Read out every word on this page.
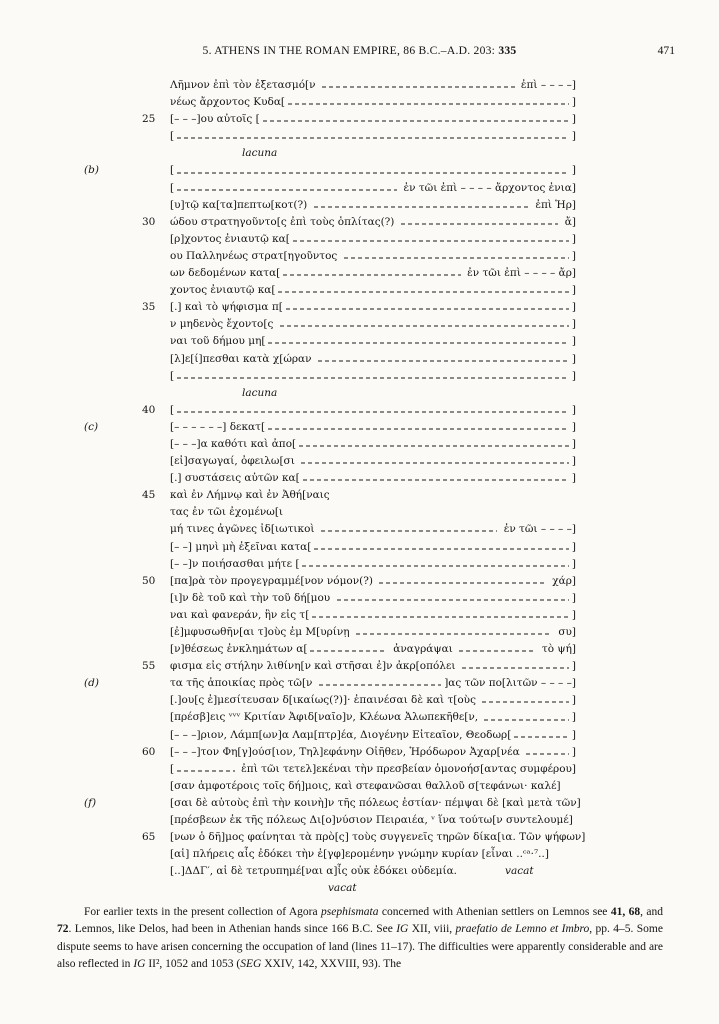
5. ATHENS IN THE ROMAN EMPIRE, 86 B.C.–A.D. 203: 335	471
Λῆμνον ἐπὶ τὸν ἐξετασμό[ν	ἐπὶ – – – –]
νέως ἄρχοντος Κυδα[	]
25	[– – –]ου αὐτοῖς [	]
[	]
lacuna
(b)	[	]
[	ἐν τῶι ἐπὶ – – – – ἄρχοντος ἐνια]
[υ]τῷ κα[τα]πεπτω[κοτ(?)	ἐπὶ Ἡρ]
30	ώδου στρατηγοῦντο[ς ἐπὶ τοὺς ὁπλίτας(?)	ἄ]
[ρ]χοντος ἐνιαυτῷ κα[	]
ου Παλληνέως στρατ[ηγοῦντος	]
ων δεδομένων κατα[	ἐν τῶι ἐπὶ – – – – ἄρ]
χοντος ἐνιαυτῷ κα[	]
35	[.] καὶ τὸ ψήφισμα π[	]
ν μηδενὸς ἔχοντο[ς	]
ναι τοῦ δήμου μη[	]
[λ]ε[ί]πεσθαι κατὰ χ[ώραν	]
[	]
lacuna
40	[	]
(c)	[– – – – – –] δεκατ[	]
[– – –]α καθότι καὶ ἀπο[	]
[εἰ]σαγωγαί, ὀφειλω[σι	]
[.] συστάσεις αὐτῶν κα[	]
45	καὶ ἐν Λήμνῳ καὶ ἐν Ἀθή[ναις
τας ἐν τῶι ἐχομένω[ι
μή τινες ἀγῶνες ἰδ[ιωτικοὶ	ἐν τῶι – – – –]
[– –] μηνὶ μὴ ἐξεῖναι κατα[	]
[– –]ν ποιήσασθαι μήτε [	]
50	[πα]ρὰ τὸν προγεγραμμέ[νον νόμον(?)	χάρ]
[ι]ν δὲ τοῦ καὶ τὴν τοῦ δή[μου	]
ναι καὶ φανεράν, ἣν εἰς τ[	]
[ἐ]μφυσωθῆν[αι τ]οὺς ἐμ Μ[υρίνῃ	συ]
[ν]θέσεως ἐνκλημάτων α[	ἀναγράψαι	τὸ ψή]
55	φισμα εἰς στήλην λιθίνη[ν καὶ στῆσαι ἐ]ν ἀκρ[οπόλει	]
(d)	τα τῆς ἀποικίας πρὸς τῶ[ν	]ας τῶν πο[λιτῶν – – – –]
[.]ου[ς ἐ]μεσίτευσαν δ[ικαίως(?)]· ἐπαινέσαι δὲ καὶ τ[οὺς	]
[πρέσβ]εις ᵛᵛᵛ Κριτίαν Ἀφιδ[ναῖο]ν, Κλέωνα Ἀλωπεκῆθε[ν,	]
[– – –]ριον, Λάμπ[ων]α Λαμ[πτρ]έα, Διογένην Εἰτεαῖον, Θεοδωρ[	]
60	[– – –]τον Φη[γ]ούσ[ιον, Τηλ]εφάνην Οἰῆθεν, Ἡρόδωρον Ἀχαρ[νέα	]
[	ἐπὶ τῶι τετελ]εκέναι τὴν πρεσβείαν ὁμονοήσ[αντας συμφέρου]
[σαν ἀμφοτέροις τοῖς δή]μοις, καὶ στεφανῶσαι θαλλοῦ σ[τεφάνωι· καλέ]
(f)	[σαι δὲ αὐτοὺς ἐπὶ τὴν κοινὴ]ν τῆς πόλεως ἑστίαν· πέμψαι δὲ [καὶ μετὰ τῶν]
[πρέσβεων ἐκ τῆς πόλεως Δι[ο]νύσιον Πειραιέα, ᵛ ἵνα τούτω[ν συντελουμέ]
65	[νων ὁ δῆ]μος φαίνηται τὰ πρὸ[ς] τοὺς συγγενεῖς τηρῶν δίκα[ια. Τῶν ψήφων]
[αἱ] πλήρεις αἷς ἐδόκει τὴν ἐ[γφ]ερομένην γνώμην κυρίαν [εἶναι ..ᶜᵃ·⁷..]
[..]ΔΔΓ′, αἱ δὲ τετρυπημέ[ναι α]ἷς οὐκ ἐδόκει οὐδεμία.	vacat
vacat

For earlier texts in the present collection of Agora psephismata concerned with Athenian settlers on Lemnos see 41, 68, and 72. Lemnos, like Delos, had been in Athenian hands since 166 B.C. See IG XII, viii, praefatio de Lemno et Imbro, pp. 4–5. Some dispute seems to have arisen concerning the occupation of land (lines 11–17). The difficulties were apparently considerable and are also reflected in IG II², 1052 and 1053 (SEG XXIV, 142, XXVIII, 93). The
